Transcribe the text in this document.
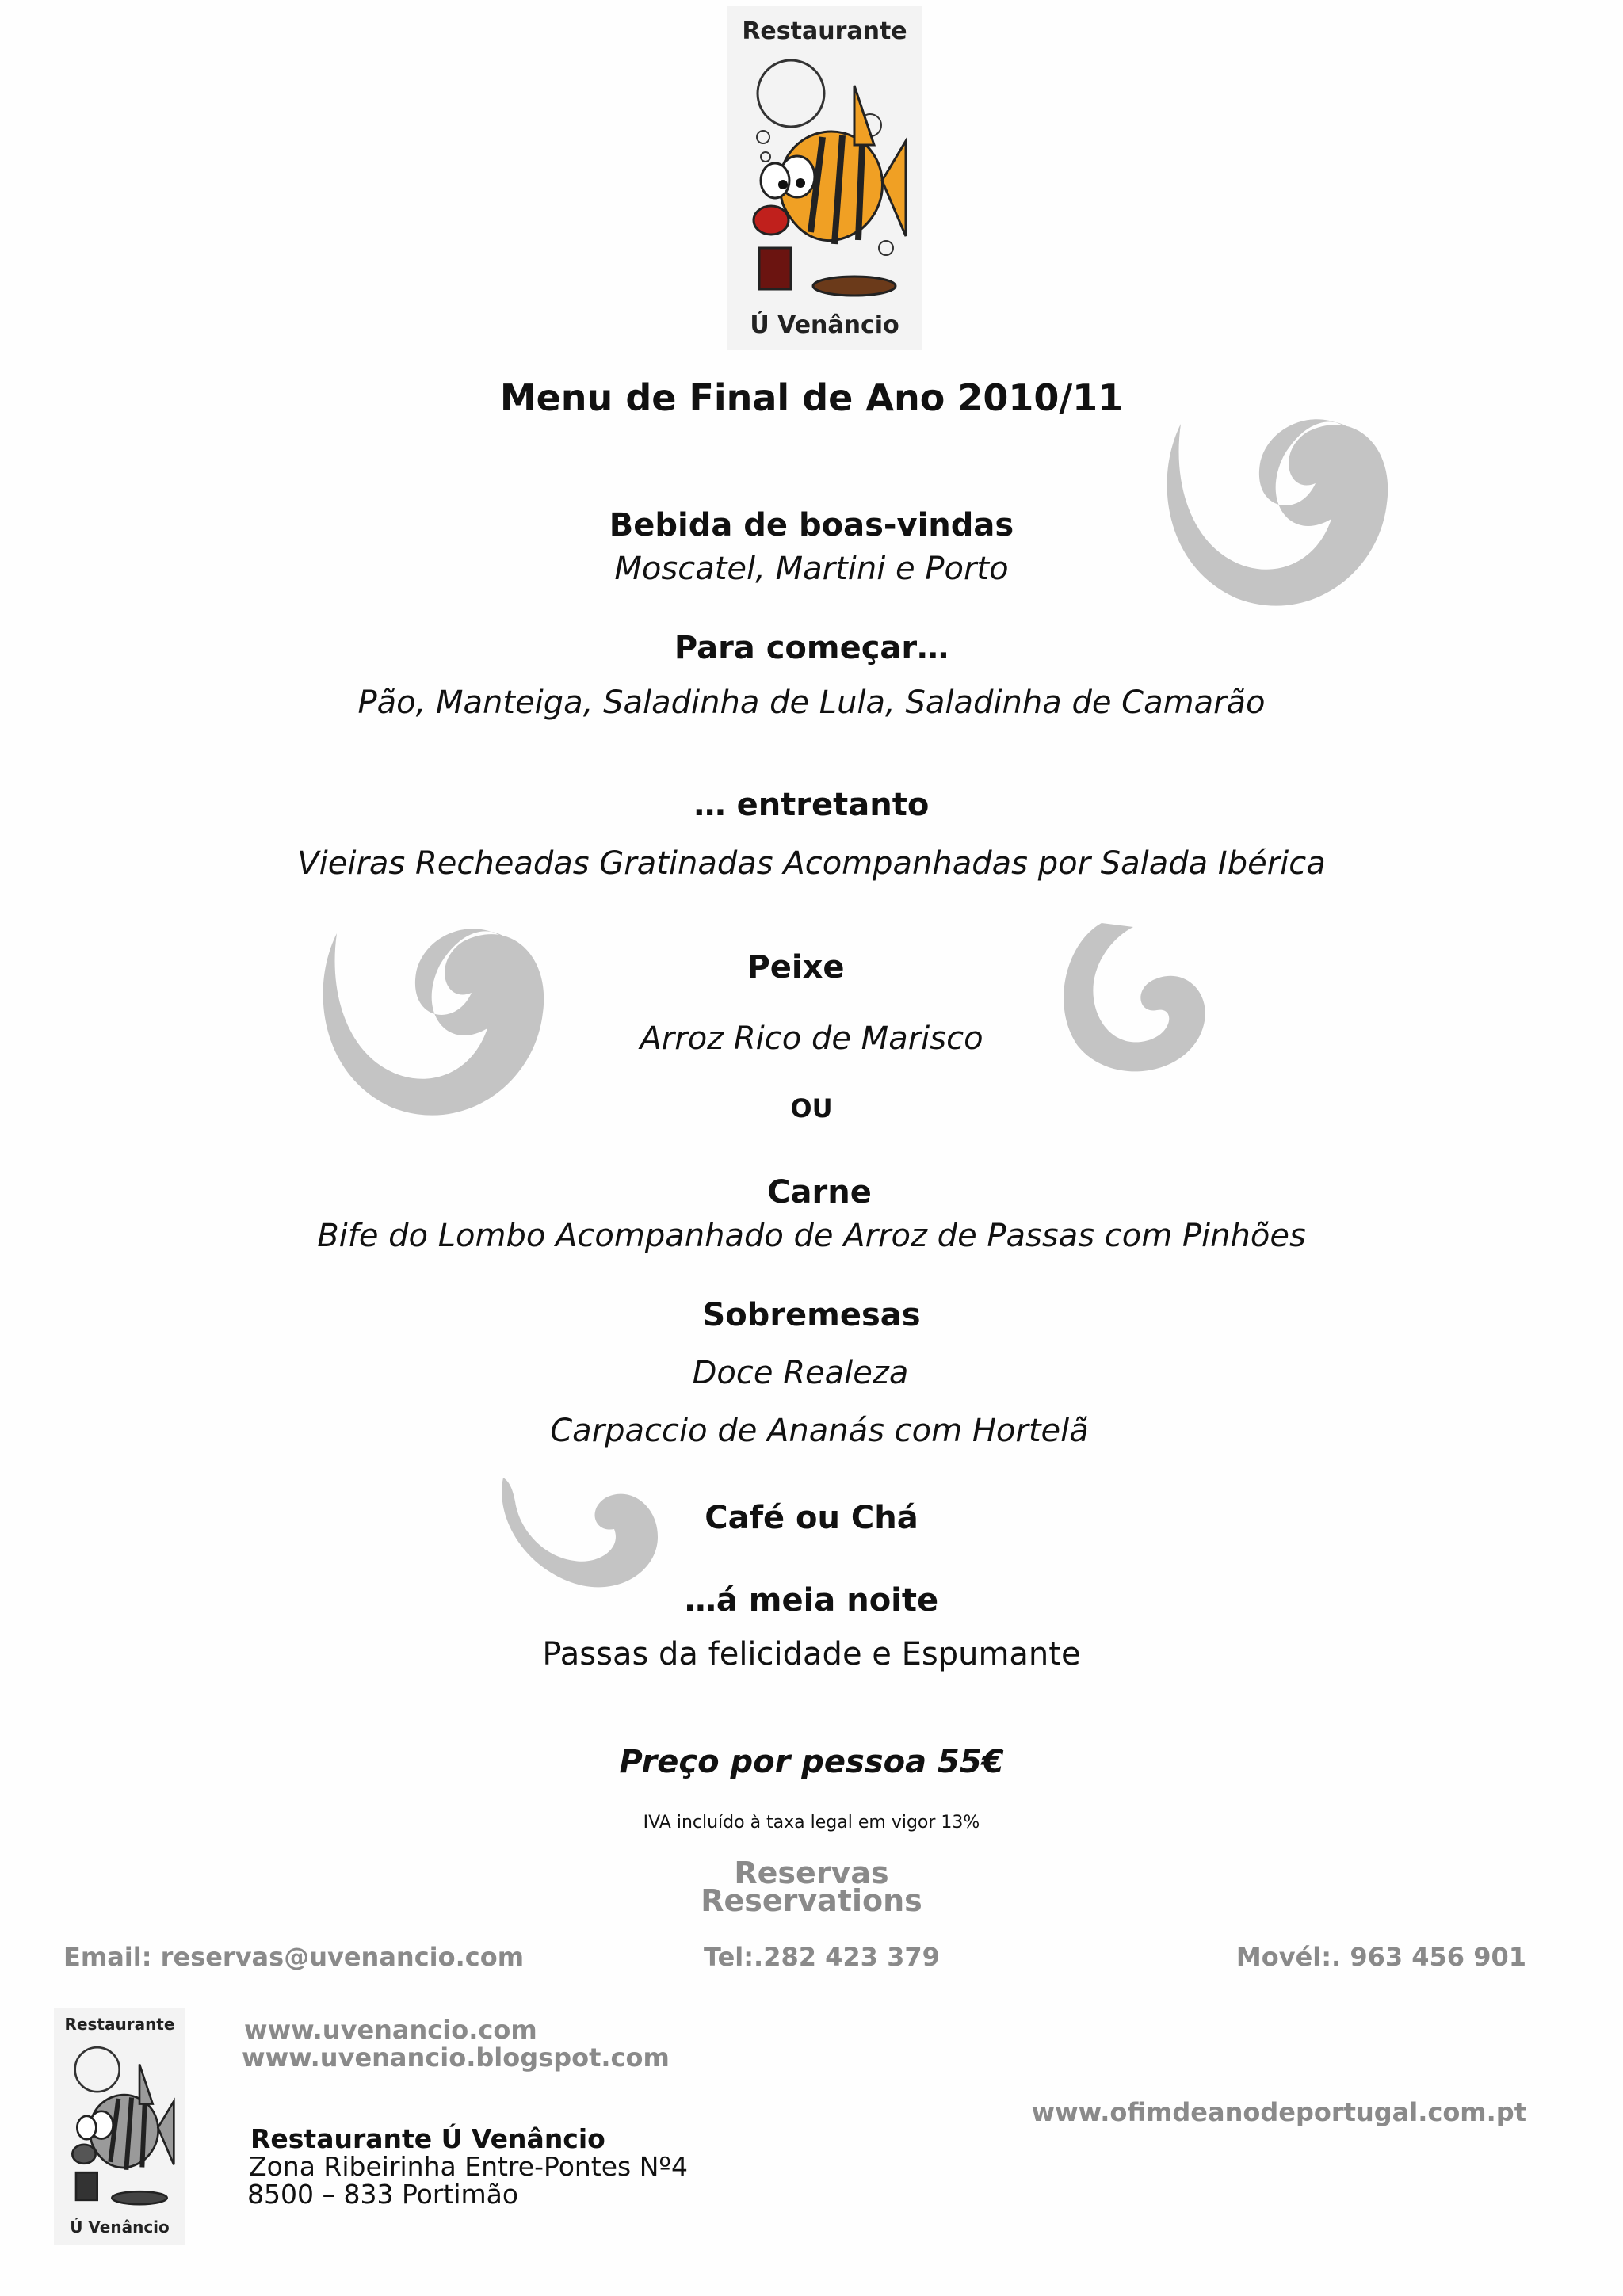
Restaurante
Ú Venâncio
Menu de Final de Ano 2010/11
Bebida de boas-vindas
Moscatel, Martini e Porto
Para começar…
Pão, Manteiga, Saladinha de Lula, Saladinha de Camarão
… entretanto
Vieiras Recheadas Gratinadas Acompanhadas por Salada Ibérica
Peixe
Arroz Rico de Marisco
OU
Carne
Bife do Lombo Acompanhado de Arroz de Passas com Pinhões
Sobremesas
Doce Realeza
Carpaccio de Ananás com Hortelã
Café ou Chá
…á meia noite
Passas da felicidade e Espumante
Preço por pessoa 55€
IVA incluído à taxa legal em vigor 13%
Reservas
Reservations
Email: reservas@uvenancio.com	Tel:.282 423 379	Movél:. 963 456 901
Restaurante
Ú Venâncio
www.uvenancio.com
www.uvenancio.blogspot.com
www.ofimdeanodeportugal.com.pt
Restaurante Ú Venâncio
Zona Ribeirinha Entre-Pontes Nº4
8500 – 833 Portimão
